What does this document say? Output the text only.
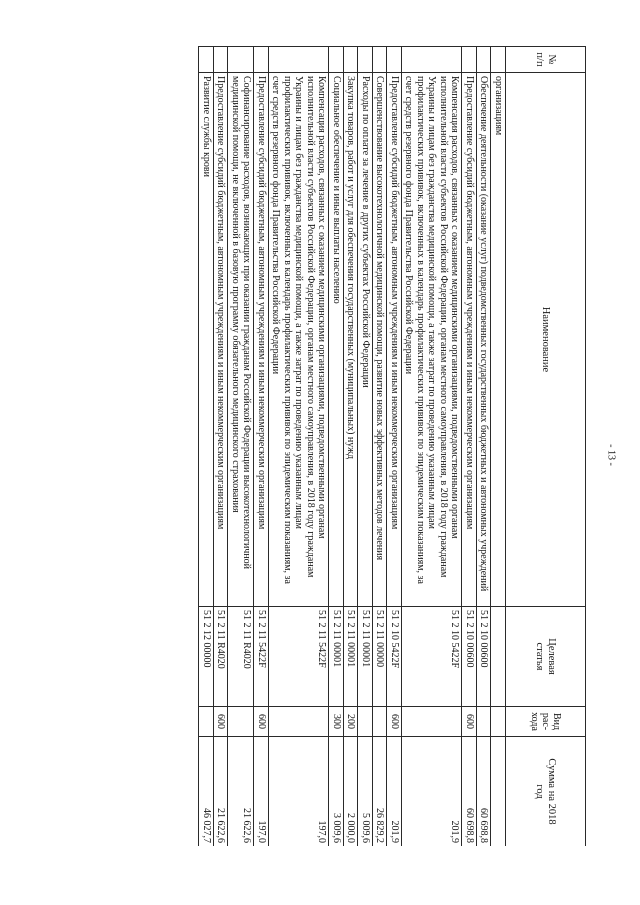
- 13 -
№
п/п	Наименование	Целевая
статья	Вид
рас-
хода	Сумма на 2018
год
	организациям			
	Обеспечение деятельности (оказание услуг) подведомственных государственных бюджетных и автономных учреждений	51 2 10 00600		60 698,8
	Предоставление субсидий бюджетным, автономным учреждениям и иным некоммерческим организациям	51 2 10 00600	600	60 698,8
	Компенсация расходов, связанных с оказанием медицинскими организациями, подведомственными органам исполнительной власти субъектов Российской Федерации, органам местного самоуправления, в 2018 году гражданам Украины и лицам без гражданства медицинской помощи, а также затрат по проведению указанным лицам профилактических прививок, включенных в календарь профилактических прививок по эпидемическим показаниям, за счет средств резервного фонда Правительства Российской Федерации	51 2 10 5422F		201,9
	Предоставление субсидий бюджетным, автономным учреждениям и иным некоммерческим организациям	51 2 10 5422F	600	201,9
	Совершенствование высокотехнологичной медицинской помощи, развитие новых эффективных методов лечения	51 2 11 00000		26 829,2
	Расходы по оплате за лечение в других субъектах Российской Федерации	51 2 11 00001		5 009,6
	Закупка товаров, работ и услуг для обеспечения государственных (муниципальных) нужд	51 2 11 00001	200	2 000,0
	Социальное обеспечение и иные выплаты населению	51 2 11 00001	300	3 009,6
	Компенсация расходов, связанных с оказанием медицинскими организациями, подведомственными органам исполнительной власти субъектов Российской Федерации, органам местного самоуправления, в 2018 году гражданам Украины и лицам без гражданства медицинской помощи, а также затрат по проведению указанным лицам профилактических прививок, включенных в календарь профилактических прививок по эпидемическим показаниям, за счет средств резервного фонда Правительства Российской Федерации	51 2 11 5422F		197,0
	Предоставление субсидий бюджетным, автономным учреждениям и иным некоммерческим организациям	51 2 11 5422F	600	197,0
	Софинансирование расходов, возникающих при оказании гражданам Российской Федерации высокотехнологичной медицинской помощи, не включенной в базовую программу обязательного медицинского страхования	51 2 11 R4020		21 622,6
	Предоставление субсидий бюджетным, автономным учреждениям и иным некоммерческим организациям	51 2 11 R4020	600	21 622,6
	Развитие службы крови	51 2 12 00000		46 027,7
